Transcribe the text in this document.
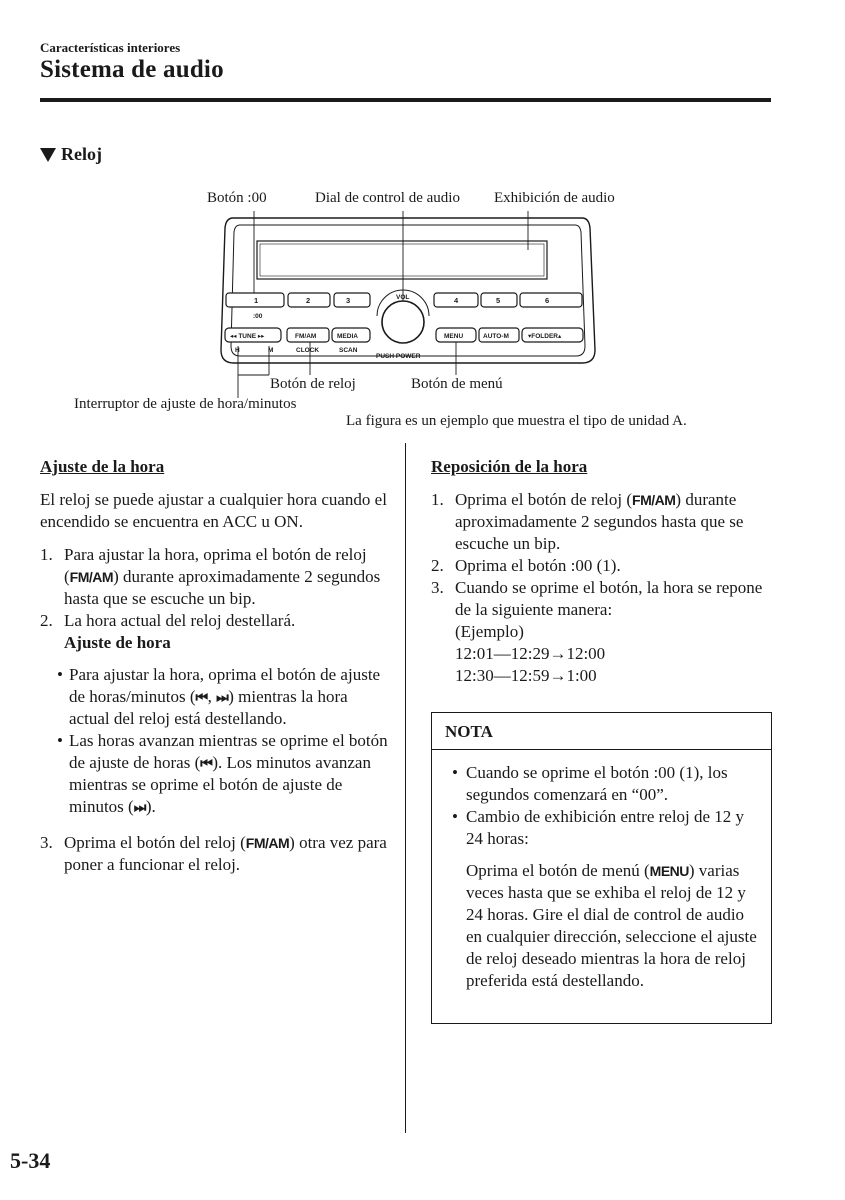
Características interiores
Sistema de audio
Reloj
Botón :00	Dial de control de audio Exhibición de audio
1	2	3
:00
4	5	6
VOL
PUSH POWER
◂◂ TUNE ▸▸
H	M
FM/AM
CLOCK
MEDIA
SCAN
MENU	AUTO-M	▾FOLDER▴
Botón de reloj	Botón de menú
Interruptor de ajuste de hora/minutos
La figura es un ejemplo que muestra el tipo de unidad A.
Ajuste de la hora
El reloj se puede ajustar a cualquier hora cuando el encendido se encuentra en ACC u ON.
1. Para ajustar la hora, oprima el botón de reloj (FM/AM) durante aproximadamente 2 segundos hasta que se escuche un bip.
2. La hora actual del reloj destellará.
Ajuste de hora
• Para ajustar la hora, oprima el botón de ajuste de horas/minutos (⏮, ⏭) mientras la hora actual del reloj está destellando.
• Las horas avanzan mientras se oprime el botón de ajuste de horas (⏮). Los minutos avanzan mientras se oprime el botón de ajuste de minutos (⏭).
3. Oprima el botón del reloj (FM/AM) otra vez para poner a funcionar el reloj.
Reposición de la hora
1. Oprima el botón de reloj (FM/AM) durante aproximadamente 2 segundos hasta que se escuche un bip.
2. Oprima el botón :00 (1).
3. Cuando se oprime el botón, la hora se repone de la siguiente manera:
(Ejemplo)
12:01—12:29→12:00
12:30—12:59→1:00
NOTA
• Cuando se oprime el botón :00 (1), los segundos comenzará en “00”.
• Cambio de exhibición entre reloj de 12 y 24 horas:
Oprima el botón de menú (MENU) varias veces hasta que se exhiba el reloj de 12 y 24 horas. Gire el dial de control de audio en cualquier dirección, seleccione el ajuste de reloj deseado mientras la hora de reloj preferida está destellando.
5-34
